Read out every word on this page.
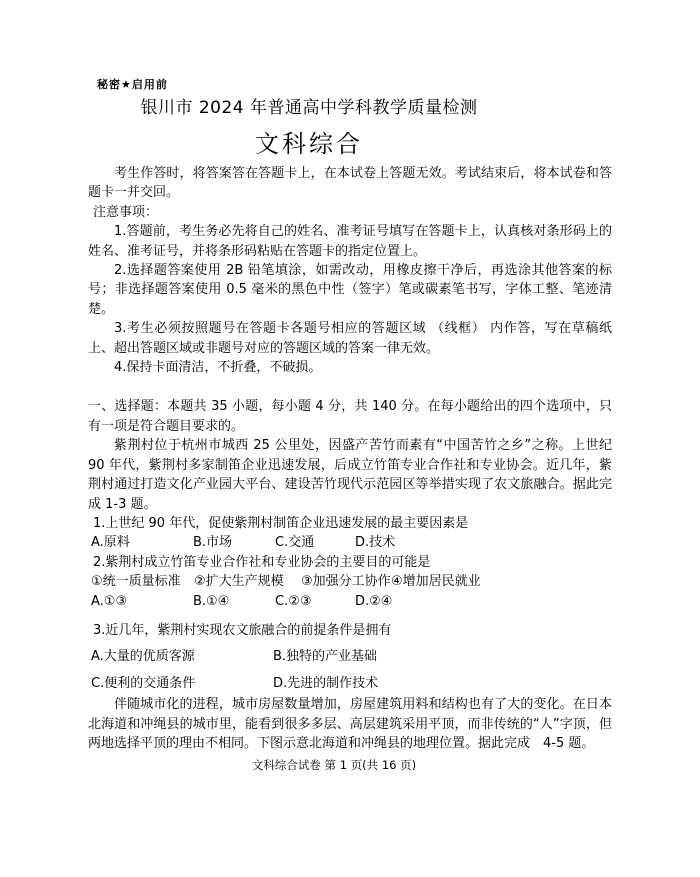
秘密★启用前
银川市 2024 年普通高中学科教学质量检测
文科综合

考生作答时，将答案答在答题卡上，在本试卷上答题无效。考试结束后，将本试卷和答题卡一并交回。

注意事项：

1.答题前，考生务必先将自己的姓名、准考证号填写在答题卡上，认真核对条形码上的姓名、准考证号，并将条形码粘贴在答题卡的指定位置上。

2.选择题答案使用 2B 铅笔填涂，如需改动，用橡皮擦干净后，再选涂其他答案的标号；非选择题答案使用 0.5 毫米的黑色中性（签字）笔或碳素笔书写，字体工整、笔迹清楚。

3.考生必须按照题号在答题卡各题号相应的答题区域 （线框） 内作答，写在草稿纸上、超出答题区域或非题号对应的答题区域的答案一律无效。

4.保持卡面清洁，不折叠，不破损。

一、选择题：本题共 35 小题，每小题 4 分，共 140 分。在每小题给出的四个选项中，只有一项是符合题目要求的。

紫荆村位于杭州市城西 25 公里处，因盛产苦竹而素有“中国苦竹之乡”之称。上世纪 90 年代，紫荆村多家制笛企业迅速发展，后成立竹笛专业合作社和专业协会。近几年，紫荆村通过打造文化产业园大平台、建设苦竹现代示范园区等举措实现了农文旅融合。据此完成 1-3 题。

1.上世纪 90 年代，促使紫荆村制笛企业迅速发展的最主要因素是
A.原料	B.市场	C.交通	D.技术
2.紫荆村成立竹笛专业合作社和专业协会的主要目的可能是
①统一质量标准	②扩大生产规模	③加强分工协作 ④增加居民就业
A.①③	B.①④	C.②③	D.②④
3.近几年，紫荆村实现农文旅融合的前提条件是拥有
A.大量的优质客源	B.独特的产业基础
C.便利的交通条件	D.先进的制作技术

伴随城市化的进程，城市房屋数量增加，房屋建筑用料和结构也有了大的变化。在日本北海道和冲绳县的城市里，能看到很多多层、高层建筑采用平顶，而非传统的“人”字顶，但两地选择平顶的理由不相同。下图示意北海道和冲绳县的地理位置。据此完成　4-5 题。

文科综合试卷 第 1 页(共 16 页)
